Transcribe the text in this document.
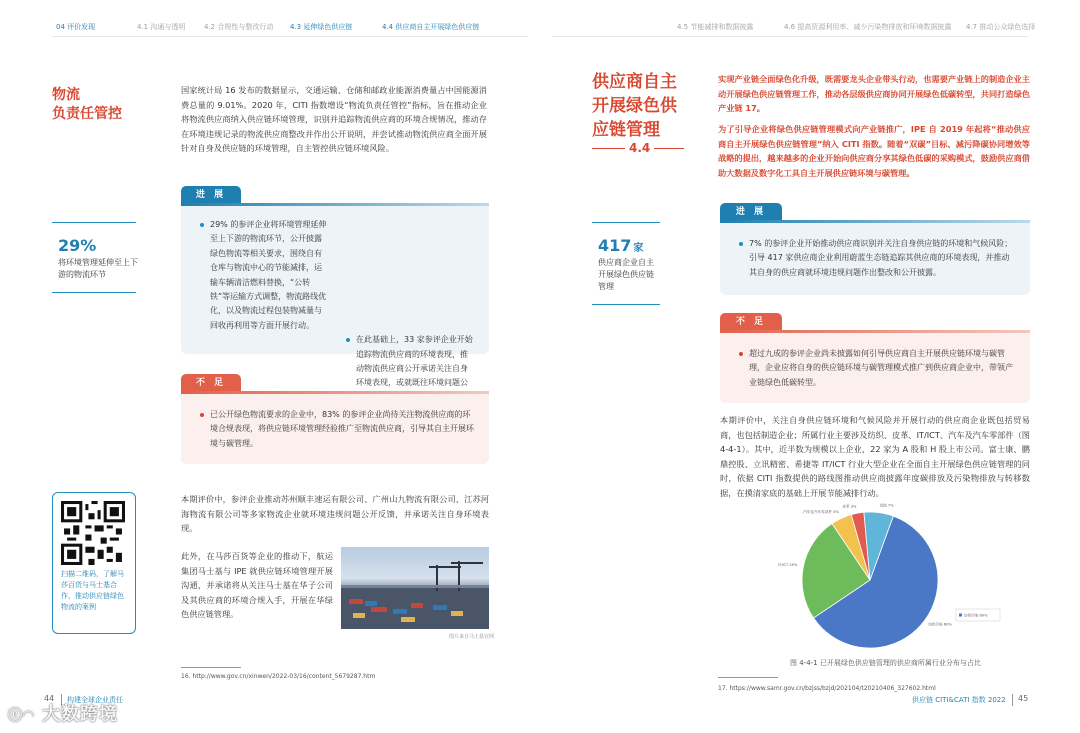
04 评价发现	4.1 沟通与透明	4.2 合规性与整改行动 4.3 延伸绿色供应链	4.4 供应商自主开展绿色供应链	4.5 节能减排和数据披露	4.6 提高资源利用率、减少污染物排放和环境数据披露 4.7 推动公众绿色选择
物流
负责任管控
国家统计局 16 发布的数据显示，交通运输、仓储和邮政业能源消费量占中国能源消费总量的 9.01%。2020 年，CITI 指数增设“物流负责任管控”指标，旨在推动企业将物流供应商纳入供应链环境管理，识别并追踪物流供应商的环境合规情况，推动存在环境违规记录的物流供应商整改并作出公开说明，并尝试推动物流供应商全面开展针对自身及供应链的环境管理，自主管控供应链环境风险。
29%
将环境管理延伸至上下游的物流环节
进 展
29% 的参评企业将环境管理延伸至上下游的物流环节，公开披露绿色物流等相关要求，围绕自有仓库与物流中心的节能减排，运输车辆清洁燃料替换，“公转铁”等运输方式调整，物流路线优化，以及物流过程包装物减量与回收再利用等方面开展行动。
在此基础上，33 家参评企业开始追踪物流供应商的环境表现，推动物流供应商公开承诺关注自身环境表现，或就既往环境问题公
不 足
已公开绿色物流要求的企业中，83% 的参评企业尚待关注物流供应商的环境合规表现，将供应链环境管理经验推广至物流供应商，引导其自主开展环境与碳管理。
本期评价中，参评企业推动苏州顺丰速运有限公司、广州山九物流有限公司、江苏河海物流有限公司等多家物流企业就环境违规问题公开反馈，并承诺关注自身环境表现。
此外，在马莎百货等企业的推动下，航运集团马士基与 IPE 就供应链环境管理开展沟通，并承诺将从关注马士基在华子公司及其供应商的环境合规入手，开展在华绿色供应链管理。
图片来自马士基官网
扫描二维码，了解马莎百货与马士基合作，推动供应链绿色物流的案例
16. http://www.gov.cn/xinwen/2022-03/16/content_5679287.htm
44 构建全球企业责任
ⓒ◠ 大数跨境
供应商自主
开展绿色供
应链管理
4.4
实现产业链全面绿色化升级，既需要龙头企业带头行动，也需要产业链上的制造企业主动开展绿色供应链管理工作，推动各层级供应商协同开展绿色低碳转型，共同打造绿色产业链 17。
为了引导企业将绿色供应链管理模式向产业链推广，IPE 自 2019 年起将“推动供应商自主开展绿色供应链管理”纳入 CITI 指数。随着“双碳”目标、减污降碳协同增效等战略的提出，越来越多的企业开始向供应商分享其绿色低碳的采购模式，鼓励供应商借助大数据及数字化工具自主开展供应链环境与碳管理。
417 家
供应商企业自主开展绿色供应链管理
进 展
7% 的参评企业开始推动供应商识别并关注自身供应链的环境和气候风险；引导 417 家供应商企业利用蔚蓝生态链追踪其供应商的环境表现，并推动其自身的供应商就环境违规问题作出整改和公开披露。
不 足
超过九成的参评企业尚未披露如何引导供应商自主开展供应链环境与碳管理，企业应将自身的供应链环境与碳管理模式推广到供应商企业中，带领产业链绿色低碳转型。
本期评价中，关注自身供应链环境和气候风险并开展行动的供应商企业既包括贸易商，也包括制造企业；所属行业主要涉及纺织、皮革、IT/ICT、汽车及汽车零部件（图 4-4-1）。其中，近半数为规模以上企业，22 家为 A 股和 H 股上市公司。富士康、鹏鼎控股、立讯精密、希捷等 IT/ICT 行业大型企业在全面自主开展绿色供应链管理的同时，依据 CITI 指数提供的路线图推动供应商披露年度碳排放及污染物排放与转移数据，在摸清家底的基础上开展节能减排行动。
纺织印染 60%
IT/ICT 25%
汽车及汽车零部件 5%
皮革 3%	其他 7%
纺织印染 60%
图 4-4-1 已开展绿色供应链管理的供应商所属行业分布与占比
17. https://www.samr.gov.cn/bzjss/bzjd/202104/t20210406_327602.html
供应链 CITI&CATI 指数 2022 45
